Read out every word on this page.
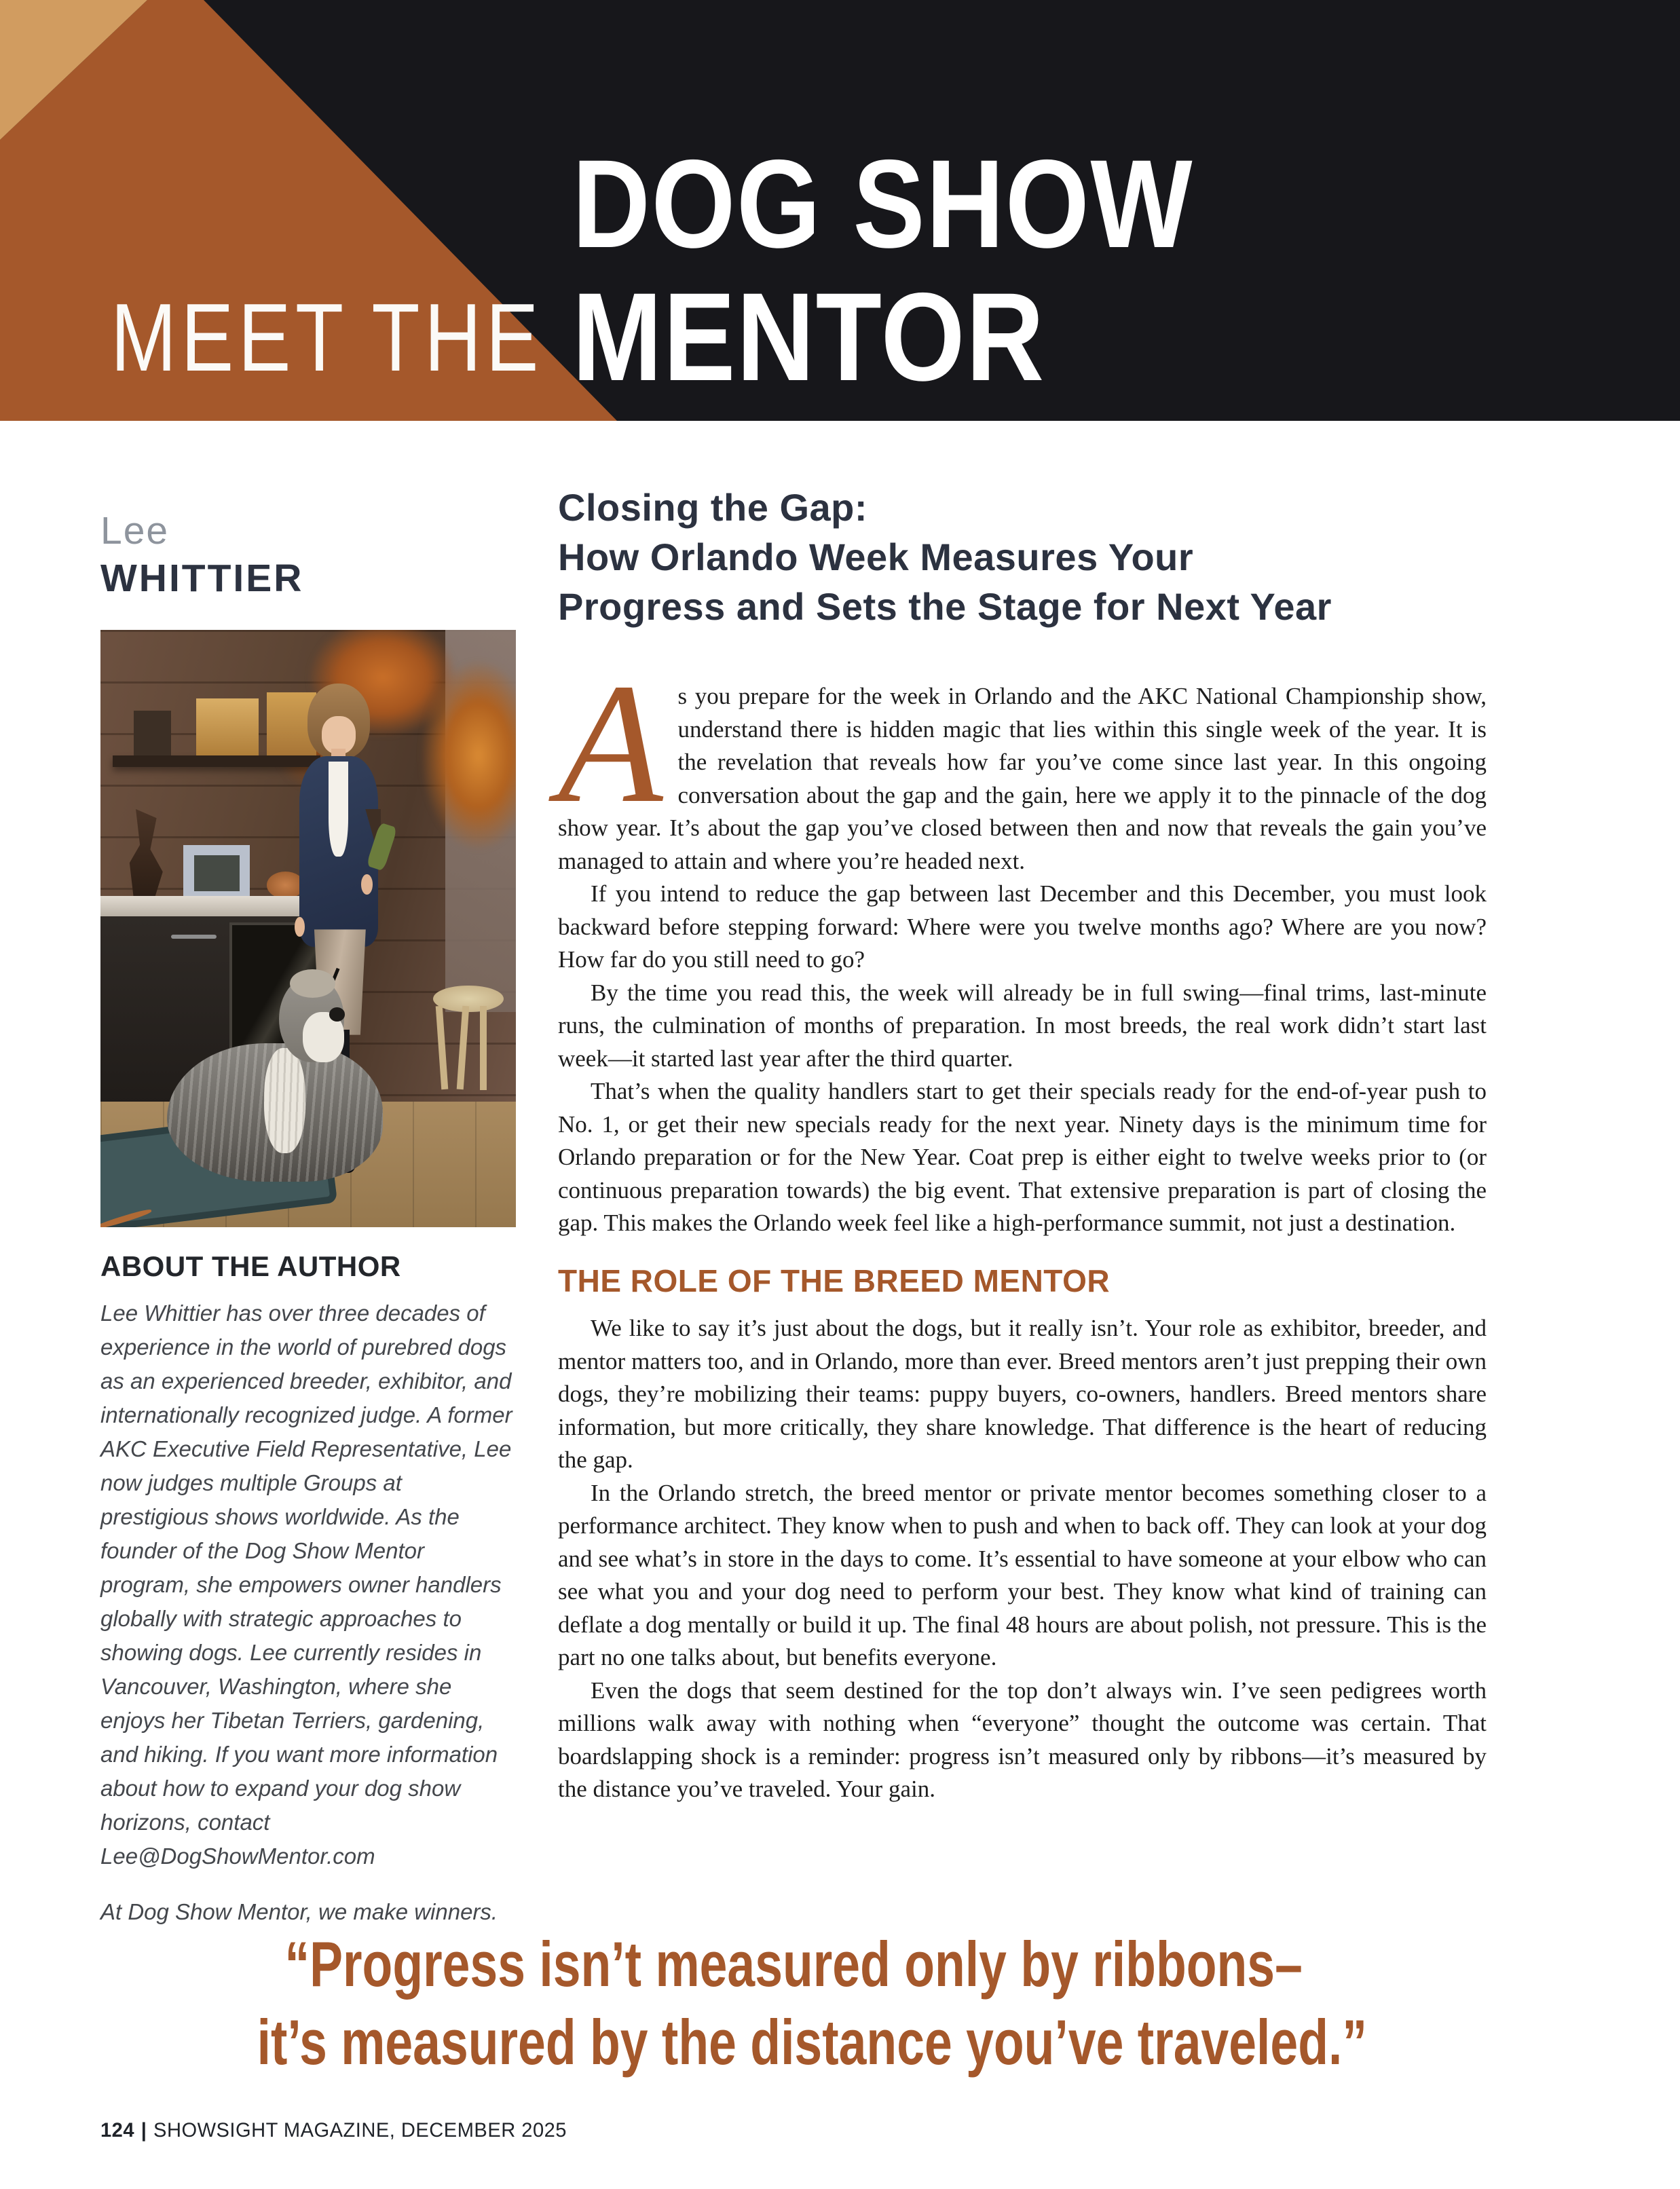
MEET THE
DOG SHOW
MENTOR
Lee
WHITTIER
ABOUT THE AUTHOR
Lee Whittier has over three decades of experience in the world of purebred dogs as an experienced breeder, exhibitor, and internationally recognized judge. A former AKC Executive Field Representative, Lee now judges multiple Groups at prestigious shows worldwide. As the founder of the Dog Show Mentor program, she empowers owner handlers globally with strategic approaches to showing dogs. Lee currently resides in Vancouver, Washington, where she enjoys her Tibetan Terriers, gardening, and hiking. If you want more information about how to expand your dog show horizons, contact Lee@DogShowMentor.com
At Dog Show Mentor, we make winners.
Closing the Gap:
How Orlando Week Measures Your
Progress and Sets the Stage for Next Year

As you prepare for the week in Orlando and the AKC National Championship show, understand there is hidden magic that lies within this single week of the year. It is the revelation that reveals how far you’ve come since last year. In this ongoing conversation about the gap and the gain, here we apply it to the pinnacle of the dog show year. It’s about the gap you’ve closed between then and now that reveals the gain you’ve managed to attain and where you’re headed next.

If you intend to reduce the gap between last December and this December, you must look backward before stepping forward: Where were you twelve months ago? Where are you now? How far do you still need to go?

By the time you read this, the week will already be in full swing—final trims, last-minute runs, the culmination of months of preparation. In most breeds, the real work didn’t start last week—it started last year after the third quarter.

That’s when the quality handlers start to get their specials ready for the end-of-year push to No. 1, or get their new specials ready for the next year. Ninety days is the minimum time for Orlando preparation or for the New Year. Coat prep is either eight to twelve weeks prior to (or continuous preparation towards) the big event. That extensive preparation is part of closing the gap. This makes the Orlando week feel like a high-performance summit, not just a destination.

THE ROLE OF THE BREED MENTOR

We like to say it’s just about the dogs, but it really isn’t. Your role as exhibitor, breeder, and mentor matters too, and in Orlando, more than ever. Breed mentors aren’t just prepping their own dogs, they’re mobilizing their teams: puppy buyers, co-owners, handlers. Breed mentors share information, but more critically, they share knowledge. That difference is the heart of reducing the gap.

In the Orlando stretch, the breed mentor or private mentor becomes something closer to a performance architect. They know when to push and when to back off. They can look at your dog and see what’s in store in the days to come. It’s essential to have someone at your elbow who can see what you and your dog need to perform your best. They know what kind of training can deflate a dog mentally or build it up. The final 48 hours are about polish, not pressure. This is the part no one talks about, but benefits everyone.

Even the dogs that seem destined for the top don’t always win. I’ve seen pedigrees worth millions walk away with nothing when “everyone” thought the outcome was certain. That boardslapping shock is a reminder: progress isn’t measured only by ribbons—it’s measured by the distance you’ve traveled. Your gain.

“Progress isn’t measured only by ribbons–
it’s measured by the distance you’ve traveled.”
124 | SHOWSIGHT MAGAZINE, DECEMBER 2025
